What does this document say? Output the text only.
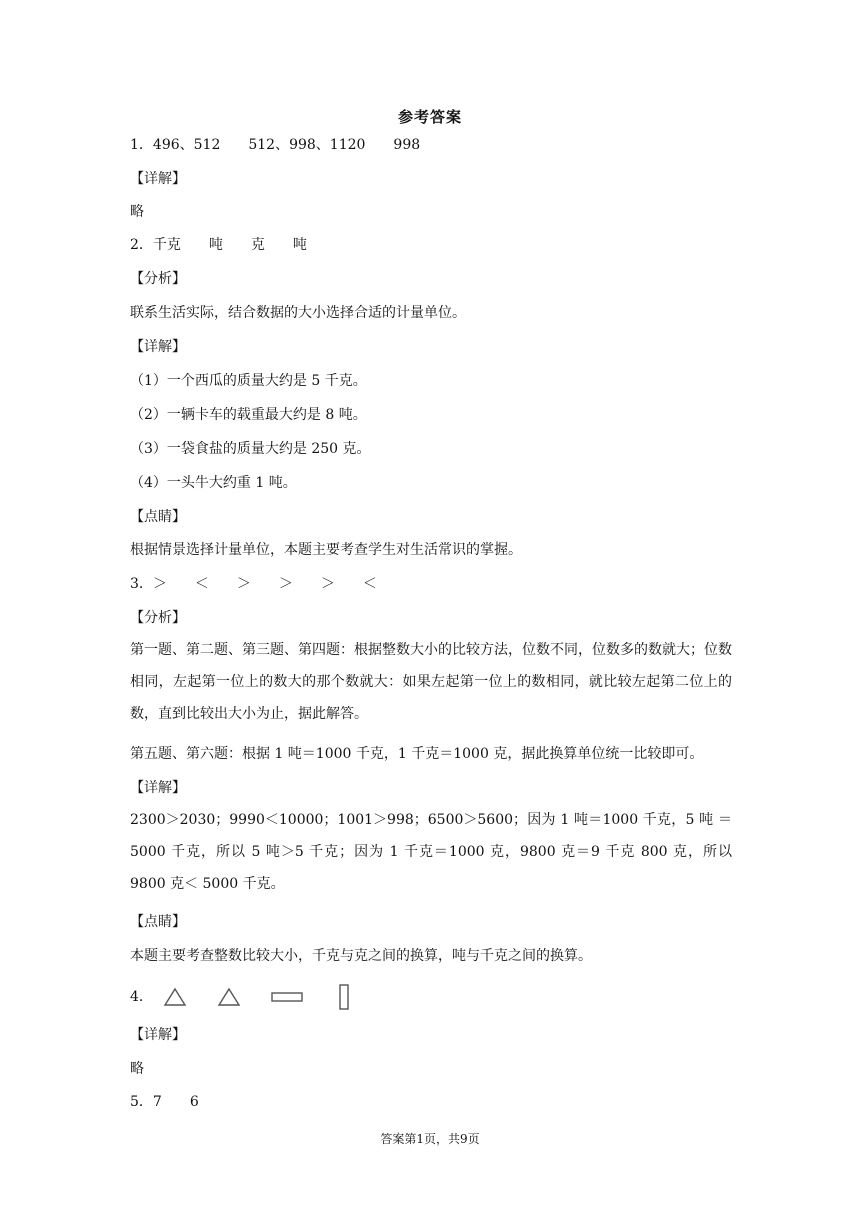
参考答案
1．496、512　　512、998、1120　　998
【详解】
略
2．千克　　吨　　克　　吨
【分析】
联系生活实际，结合数据的大小选择合适的计量单位。
【详解】
（1）一个西瓜的质量大约是 5 千克。
（2）一辆卡车的载重最大约是 8 吨。
（3）一袋食盐的质量大约是 250 克。
（4）一头牛大约重 1 吨。
【点睛】
根据情景选择计量单位，本题主要考查学生对生活常识的掌握。
3．＞　　＜　　＞　　＞　　＞　　＜
【分析】
第一题、第二题、第三题、第四题：根据整数大小的比较方法，位数不同，位数多的数就大；位数相同，左起第一位上的数大的那个数就大：如果左起第一位上的数相同，就比较左起第二位上的数，直到比较出大小为止，据此解答。
第五题、第六题：根据 1 吨＝1000 千克，1 千克＝1000 克，据此换算单位统一比较即可。
【详解】
2300＞2030；9990＜10000；1001＞998；6500＞5600；因为 1 吨＝1000 千克，5 吨 ＝5000 千克，所以 5 吨＞5 千克；因为 1 千克＝1000 克，9800 克＝9 千克 800 克，所以 9800 克＜ 5000 千克。
【点睛】
本题主要考查整数比较大小，千克与克之间的换算，吨与千克之间的换算。
4．
【详解】
略
5．7　　6
答案第1页，共9页
